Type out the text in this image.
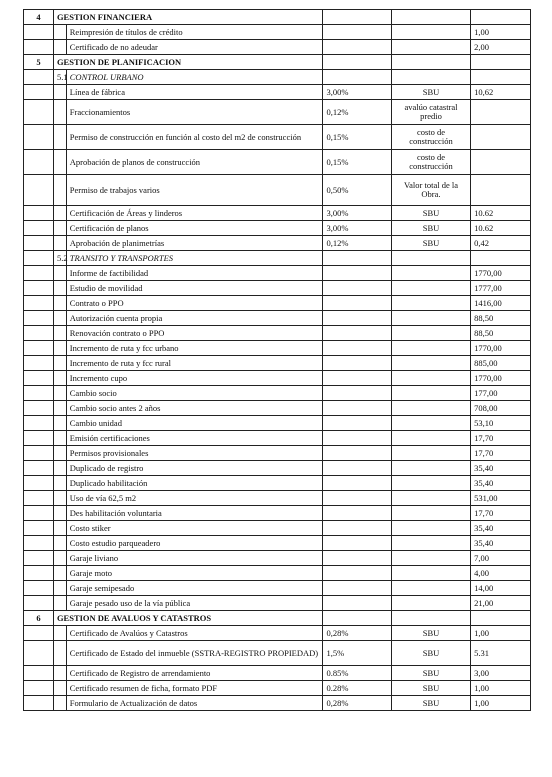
4	GESTION FINANCIERA				
		Reimpresión de títulos de crédito			1,00
		Certificado de no adeudar			2,00
5	GESTION DE PLANIFICACION				
	5.1	CONTROL URBANO			
		Línea de fábrica	3,00%	SBU	10,62
		Fraccionamientos	0,12%	avalúo catastral predio	
		Permiso de construcción en función al costo del m2 de construcción	0,15%	costo de construcción	
		Aprobación de planos de construcción	0,15%	costo de construcción	
		Permiso de trabajos varios	0,50%	Valor total de la Obra.	
		Certificación de Áreas y linderos	3,00%	SBU	10.62
		Certificación de planos	3,00%	SBU	10.62
		Aprobación de planimetrías	0,12%	SBU	0,42
	5.2	TRANSITO Y TRANSPORTES			
		Informe de factibilidad			1770,00
		Estudio de movilidad			1777,00
		Contrato o PPO			1416,00
		Autorización cuenta propia			88,50
		Renovación contrato o PPO			88,50
		Incremento de ruta y fcc urbano			1770,00
		Incremento de ruta y fcc rural			885,00
		Incremento cupo			1770,00
		Cambio socio			177,00
		Cambio socio antes 2 años			708,00
		Cambio unidad			53,10
		Emisión certificaciones			17,70
		Permisos provisionales			17,70
		Duplicado de registro			35,40
		Duplicado habilitación			35,40
		Uso de vía 62,5 m2			531,00
		Des habilitación voluntaria			17,70
		Costo stiker			35,40
		Costo estudio parqueadero			35,40
		Garaje liviano			7,00
		Garaje moto			4,00
		Garaje semipesado			14,00
		Garaje pesado uso de la vía pública			21,00
6	GESTION DE AVALUOS Y CATASTROS				
		Certificado de Avalúos y Catastros	0,28%	SBU	1,00
		Certificado de Estado del inmueble (SSTRA-REGISTRO PROPIEDAD)	1,5%	SBU	5.31
		Certificado de Registro de arrendamiento	0.85%	SBU	3,00
		Certificado resumen de ficha, formato PDF	0.28%	SBU	1,00
		Formulario de Actualización de datos	0,28%	SBU	1,00
